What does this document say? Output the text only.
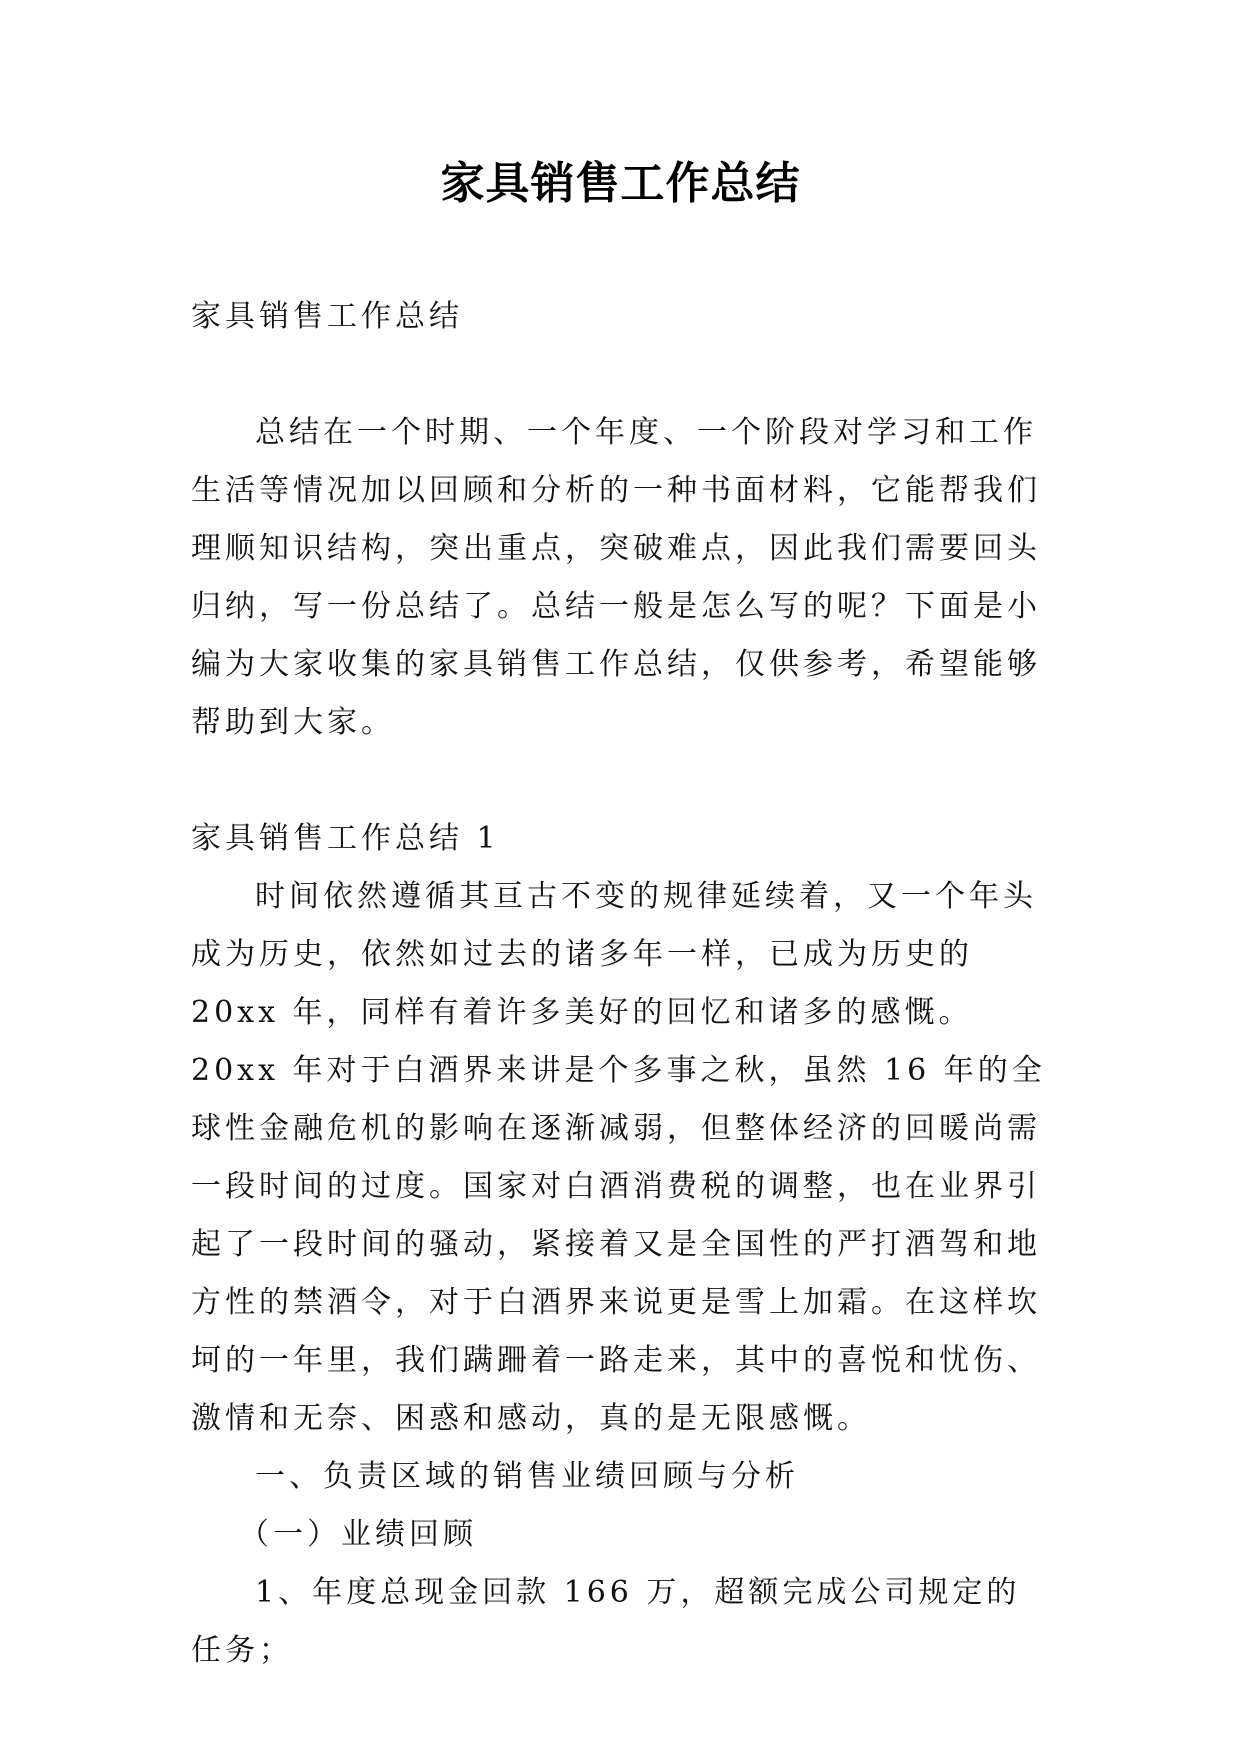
家具销售工作总结

家具销售工作总结

总结在一个时期、一个年度、一个阶段对学习和工作生活等情况加以回顾和分析的一种书面材料，它能帮我们理顺知识结构，突出重点，突破难点，因此我们需要回头归纳，写一份总结了。总结一般是怎么写的呢？下面是小编为大家收集的家具销售工作总结，仅供参考，希望能够帮助到大家。

家具销售工作总结 1

时间依然遵循其亘古不变的规律延续着，又一个年头成为历史，依然如过去的诸多年一样，已成为历史的 20xx 年，同样有着许多美好的回忆和诸多的感慨。20xx 年对于白酒界来讲是个多事之秋，虽然 16 年的全球性金融危机的影响在逐渐减弱，但整体经济的回暖尚需一段时间的过度。国家对白酒消费税的调整，也在业界引起了一段时间的骚动，紧接着又是全国性的严打酒驾和地方性的禁酒令，对于白酒界来说更是雪上加霜。在这样坎坷的一年里，我们蹒跚着一路走来，其中的喜悦和忧伤、激情和无奈、困惑和感动，真的是无限感慨。

一、负责区域的销售业绩回顾与分析

（一）业绩回顾

1、年度总现金回款 166 万，超额完成公司规定的任务；
